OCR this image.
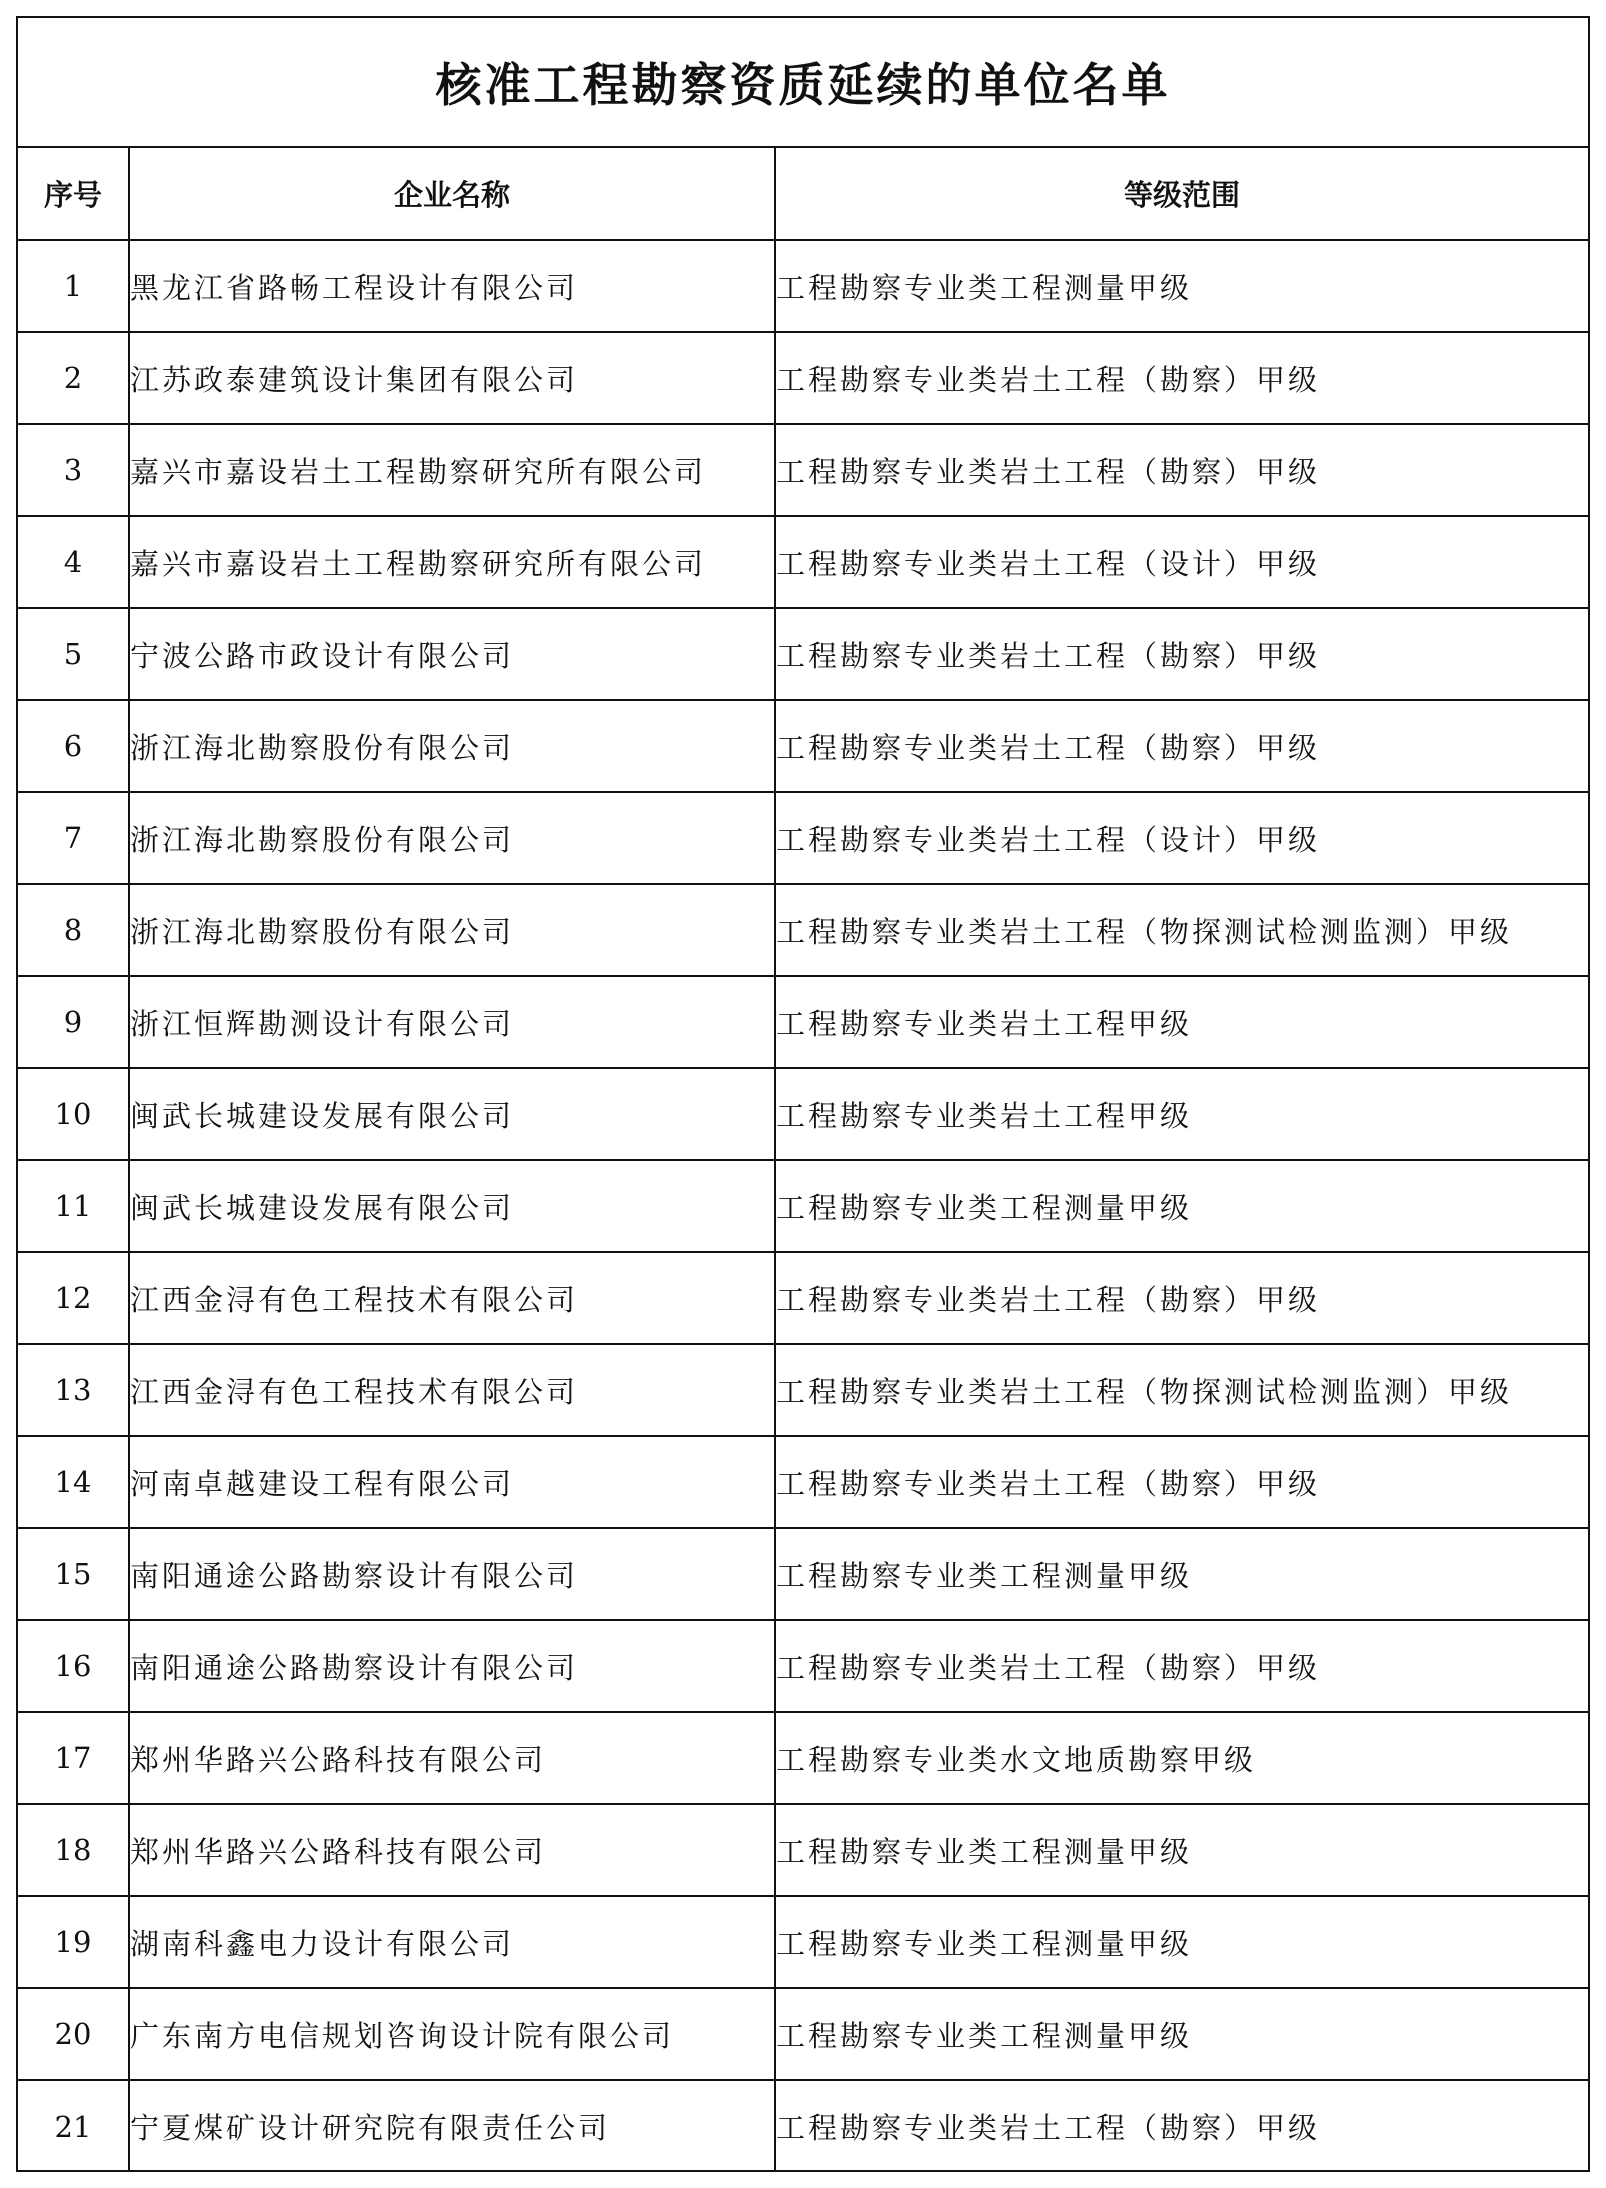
核准工程勘察资质延续的单位名单
序号	企业名称	等级范围
1	黑龙江省路畅工程设计有限公司	工程勘察专业类工程测量甲级
2	江苏政泰建筑设计集团有限公司	工程勘察专业类岩土工程（勘察）甲级
3	嘉兴市嘉设岩土工程勘察研究所有限公司	工程勘察专业类岩土工程（勘察）甲级
4	嘉兴市嘉设岩土工程勘察研究所有限公司	工程勘察专业类岩土工程（设计）甲级
5	宁波公路市政设计有限公司	工程勘察专业类岩土工程（勘察）甲级
6	浙江海北勘察股份有限公司	工程勘察专业类岩土工程（勘察）甲级
7	浙江海北勘察股份有限公司	工程勘察专业类岩土工程（设计）甲级
8	浙江海北勘察股份有限公司	工程勘察专业类岩土工程（物探测试检测监测）甲级
9	浙江恒辉勘测设计有限公司	工程勘察专业类岩土工程甲级
10	闽武长城建设发展有限公司	工程勘察专业类岩土工程甲级
11	闽武长城建设发展有限公司	工程勘察专业类工程测量甲级
12	江西金浔有色工程技术有限公司	工程勘察专业类岩土工程（勘察）甲级
13	江西金浔有色工程技术有限公司	工程勘察专业类岩土工程（物探测试检测监测）甲级
14	河南卓越建设工程有限公司	工程勘察专业类岩土工程（勘察）甲级
15	南阳通途公路勘察设计有限公司	工程勘察专业类工程测量甲级
16	南阳通途公路勘察设计有限公司	工程勘察专业类岩土工程（勘察）甲级
17	郑州华路兴公路科技有限公司	工程勘察专业类水文地质勘察甲级
18	郑州华路兴公路科技有限公司	工程勘察专业类工程测量甲级
19	湖南科鑫电力设计有限公司	工程勘察专业类工程测量甲级
20	广东南方电信规划咨询设计院有限公司	工程勘察专业类工程测量甲级
21	宁夏煤矿设计研究院有限责任公司	工程勘察专业类岩土工程（勘察）甲级
